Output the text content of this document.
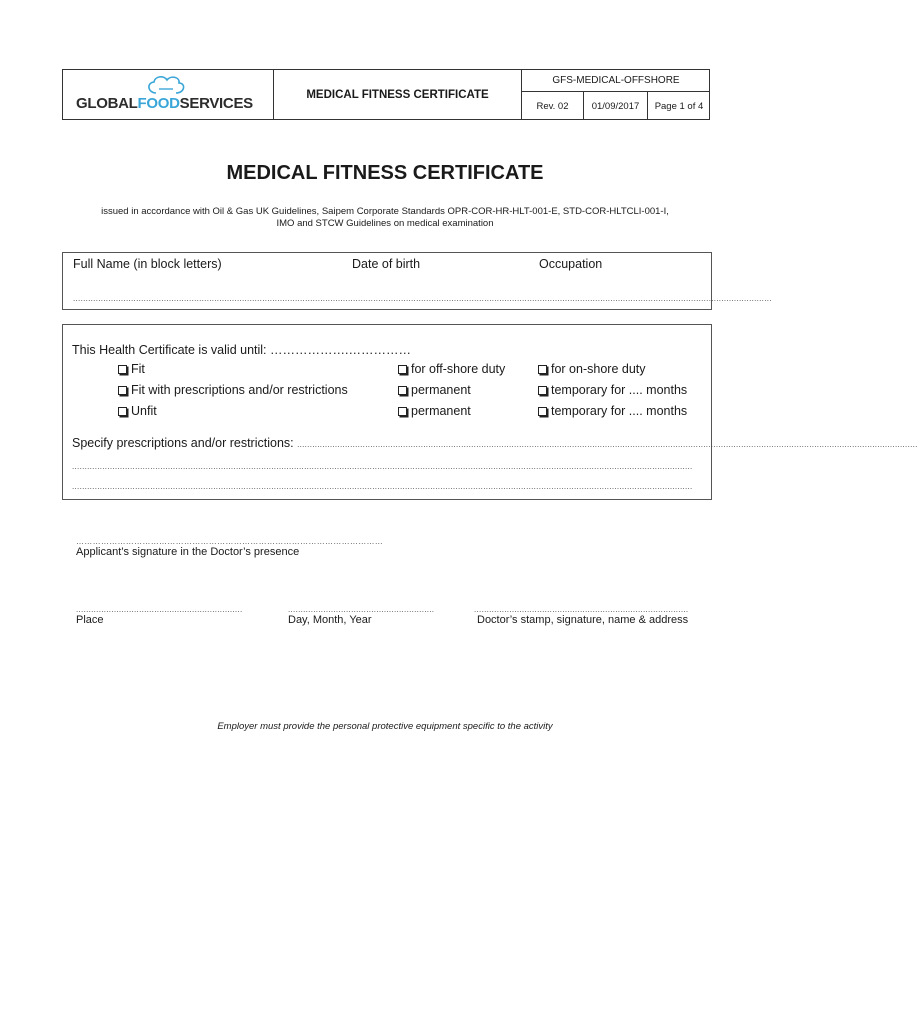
GLOBALFOODSERVICES
MEDICAL FITNESS CERTIFICATE
GFS-MEDICAL-OFFSHORE
Rev. 02	01/09/2017	Page 1 of 4
MEDICAL FITNESS CERTIFICATE
issued in accordance with Oil & Gas UK Guidelines, Saipem Corporate Standards OPR-COR-HR-HLT-001-E, STD-COR-HLTCLI-001-I,
IMO and STCW Guidelines on medical examination
Full Name (in block letters)	Date of birth	Occupation
.....................................................................................................................................................................................................................................................................................
This Health Certificate is valid until: ……………….……………
Fit	for off-shore duty	for on-shore duty
Fit with prescriptions and/or restrictions	permanent	temporary for .... months
Unfit	permanent	temporary for .... months
Specify prescriptions and/or restrictions: ......................................................................................................................................................................................................................................................
......................................................................................................................................................................................................................................................
......................................................................................................................................................................................................................................................
…………………………………………………………………………………………………
Applicant’s signature in the Doctor’s presence
..................................................................
Place
..........................................................
Day, Month, Year
.....................................................................................
Doctor’s stamp, signature, name & address
Employer must provide the personal protective equipment specific to the activity
